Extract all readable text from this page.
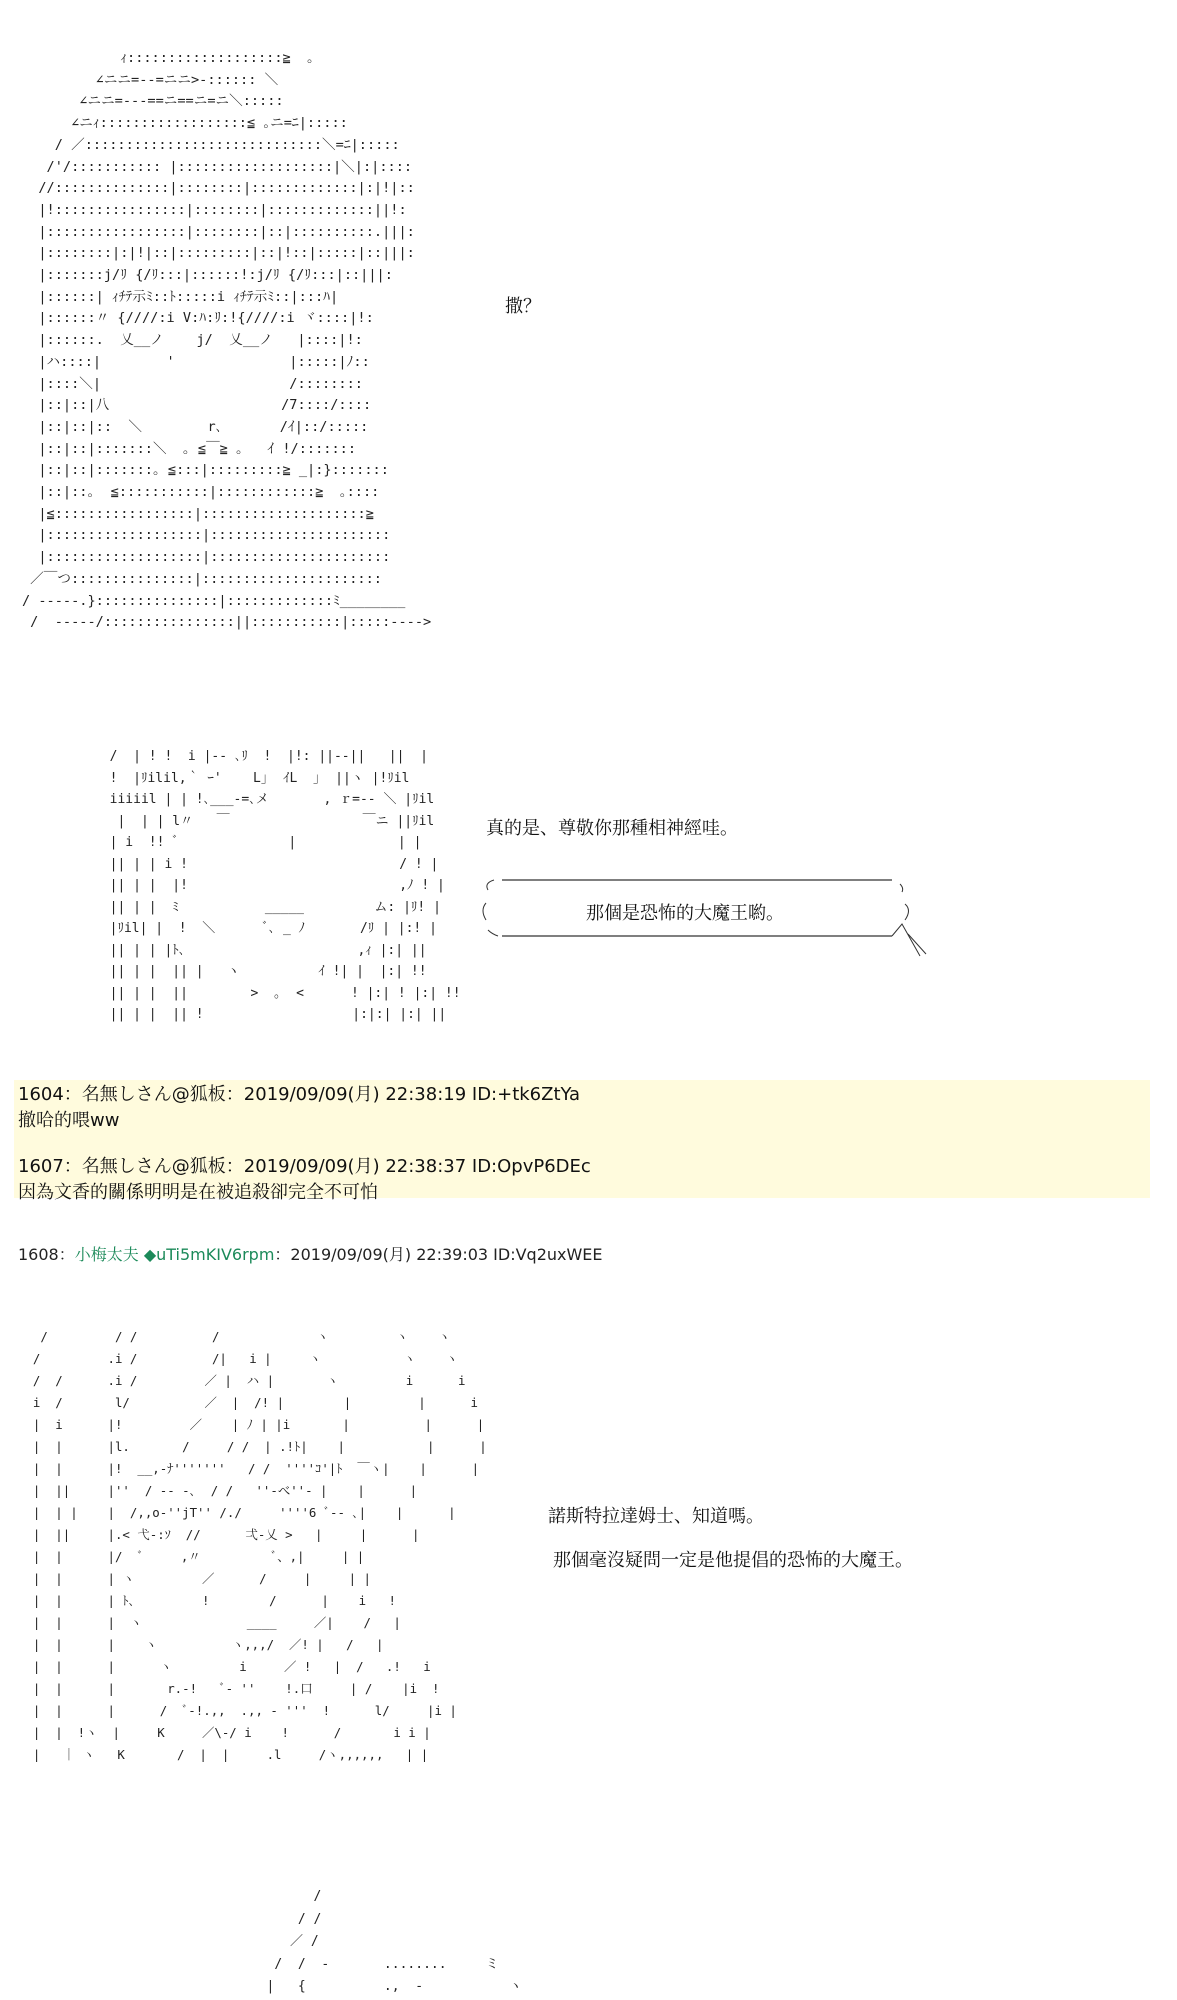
ｨ:::::::::::::::::::≧  ｡
∠ニニ=--=ニニ>-:::::: ＼
∠ニニ=---==ニ==ニ=ニ＼:::::
∠ニｨ::::::::::::::::::≦ ｡ニ=ﾆ|:::::
/ ／:::::::::::::::::::::::::::::＼=ﾆ|:::::
/'/::::::::::: |:::::::::::::::::::|＼|:|::::
//::::::::::::::|::::::::|:::::::::::::|:|!|::
|!::::::::::::::::|::::::::|:::::::::::::||!:
|:::::::::::::::::|::::::::|::|::::::::::.|||:
|::::::::|:|!|::|:::::::::|::|!::|:::::|::|||:
|:::::::j/ﾘ {/ﾘ:::|::::::!:j/ﾘ {/ﾘ:::|::|||:
|::::::| ｨﾁﾃ示ﾐ::ﾄ:::::i ｨﾁﾃ示ﾐ::|:::ﾊ|
|::::::〃 {////:i V:ﾊ:ﾘ:!{////:i ヾ::::|!:
|::::::.  乂__ノ    j/  乂__ノ   |::::|!:
|ハ::::|        '              |:::::|ﾉ::
|::::＼|                       /::::::::
|::|::|八                     /7::::/::::
|::|::|::  ＼        r､       /ｲ|::/:::::
|::|::|:::::::＼  ｡ ≦￣≧ ｡   ｲ !/:::::::
|::|::|:::::::｡ ≦:::|:::::::::≧ _|:}:::::::
|::|::｡  ≦:::::::::::|::::::::::::≧  ｡::::
|≦:::::::::::::::::|::::::::::::::::::::≧
|:::::::::::::::::::|::::::::::::::::::::::
|:::::::::::::::::::|::::::::::::::::::::::
／￣つ:::::::::::::::|::::::::::::::::::::::
/ -----.}:::::::::::::::|:::::::::::::ﾐ________
/  -----/::::::::::::::::||:::::::::::|:::::---->
撒？
/  | ! !  i |-- ､ﾘ  !  |!: ||--||   ||  |
!  |ﾘilil,｀ ｰ'    L｣  ｲL  ｣  ||ヽ |!ﾘil
iiiiil | | !､___-=､メ       , ｒ=-- ＼ |ﾘil
|  | | l〃   ￣                 ￣ニ ||ﾘil
| i  !! ﾞ              |             | |
|| | | i !                           / ! |
|| | |  |!                           ,ﾉ ! |
|| | |  ﾐ           _____         ム: |ﾘ! |
|ﾘil| |  !  ＼      ﾞ､ _ ﾉ       /ﾘ | |:! |
|| | | |ﾄ､                      ,ｨ |:| ||
|| | |  || |   ヽ          ｲ !| |  |:| !!
|| | |  ||        >  ｡  <      ! |:| ! |:| !!
|| | |  || !                   |:|:| |:| ||
真的是、尊敬你那種相神經哇。
那個是恐怖的大魔王喲。
1604：名無しさん@狐板：2019/09/09(月) 22:38:19 ID:+tk6ZtYa
撤哈的喂ww
1607：名無しさん@狐板：2019/09/09(月) 22:38:37 ID:OpvP6DEc
因為文香的關係明明是在被追殺卻完全不可怕
1608：小梅太夫 ◆uTi5mKIV6rpm：2019/09/09(月) 22:39:03 ID:Vq2uxWEE
/         / /          /             ヽ         ヽ    ヽ
/         .i /          /|   i |     ヽ           ヽ    ヽ
/  /      .i /         ／ |  ハ |       ヽ         i      i
i  /       l/          ／  |  /! |        |         |      i
|  i      |!         ／    | ﾉ | |i       |          |      |
|  |      |l.       /     / /  | .!ﾄ|    |           |      |
|  |      |!  __,-ﾅ'''''''   / /  ''''ｺ'|ﾄ  ￣ヽ|    |      |
|  ||     |''  / ‐- -､  / /   ''‐べ''- |    |      |
|  | |    |  /,,o-''jT'' /./     ''''6 ﾞ-- ､|    |      |
|  ||     |.< 弋-:ｿ  //      弌-乂 >   |     |      |
|  |      |/  ﾞ     ,〃          ﾞ、,|     | |
|  |      | ヽ         ／      /     |     | |
|  |      | ﾄ､         !        /      |    i   !
|  |      |  ヽ              ____     ／|    /   |
|  |      |    ヽ          ヽ,,,/  ／! |   /   |
|  |      |      ヽ         i     ／ !   |  /   .!   i
|  |      |       r.‐!   ﾞ- ''    !.口     | /    |i  !
|  |      |      /  ﾞ-!.,,  .,, - '''  !      l/     |i |
|  |  !ヽ  |     K     ／\-/ i    !      /       i i |
|   ｜ ヽ   K       /  |  |     .l     /ヽ,,,,,,   | |
諾斯特拉達姆士、知道嗎。
那個毫沒疑問一定是他提倡的恐怖的大魔王。
/
/ /
／ /
/  /  -       ........     ミ
|   {          .,  -           ヽ
